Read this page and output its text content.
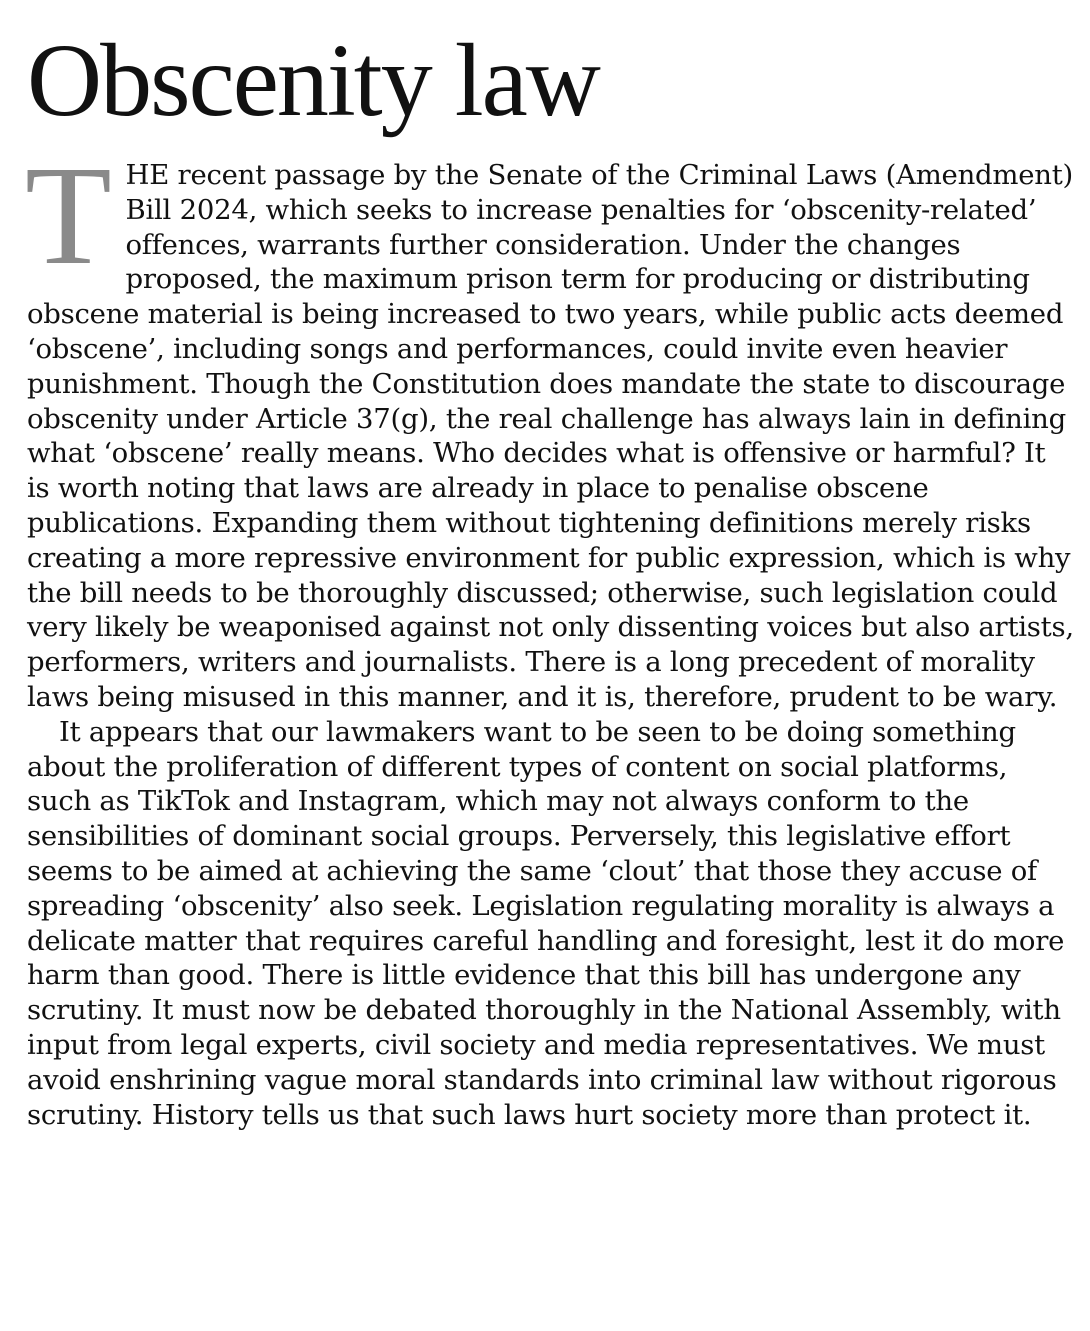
Obscenity law

THE recent passage by the Senate of the Criminal Laws (Amendment) Bill 2024, which seeks to increase penalties for ‘obscenity-related’ offences, warrants further consideration. Under the changes proposed, the maximum prison term for producing or distributing obscene material is being increased to two years, while public acts deemed ‘obscene’, including songs and performances, could invite even heavier punishment. Though the Constitution does mandate the state to discourage obscenity under Article 37(g), the real challenge has always lain in defining what ‘obscene’ really means. Who decides what is offensive or harmful? It is worth noting that laws are already in place to penalise obscene publications. Expanding them without tightening definitions merely risks creating a more repressive environment for public expression, which is why the bill needs to be thoroughly discussed; otherwise, such legislation could very likely be weaponised against not only dissenting voices but also artists, performers, writers and journalists. There is a long precedent of morality laws being misused in this manner, and it is, therefore, prudent to be wary.

It appears that our lawmakers want to be seen to be doing something about the proliferation of different types of content on social platforms, such as TikTok and Instagram, which may not always conform to the sensibilities of dominant social groups. Perversely, this legislative effort seems to be aimed at achieving the same ‘clout’ that those they accuse of spreading ‘obscenity’ also seek. Legislation regulating morality is always a delicate matter that requires careful handling and foresight, lest it do more harm than good. There is little evidence that this bill has undergone any scrutiny. It must now be debated thoroughly in the National Assembly, with input from legal experts, civil society and media representatives. We must avoid enshrining vague moral standards into criminal law without rigorous scrutiny. History tells us that such laws hurt society more than protect it.
